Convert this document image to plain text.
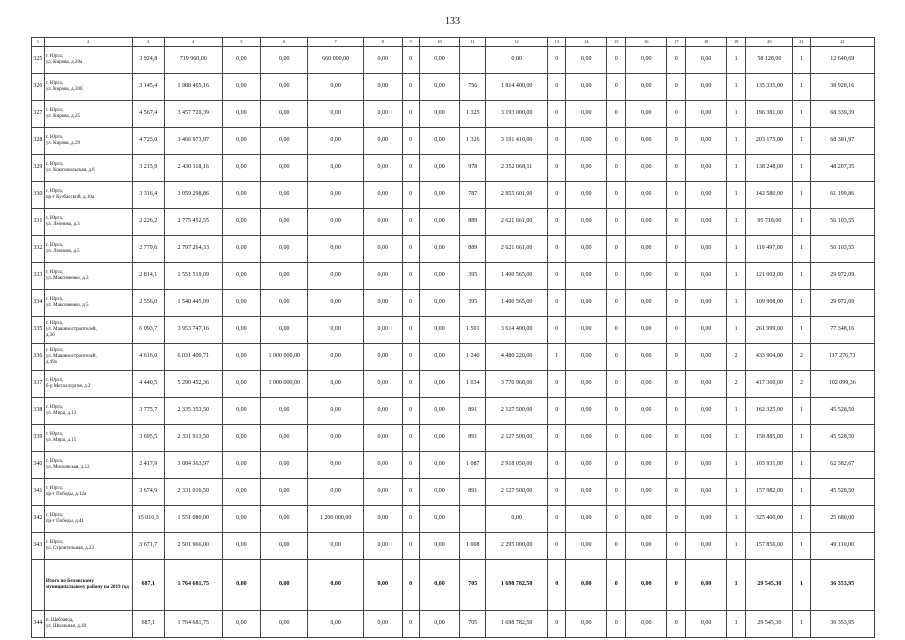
133
1	2	3	4	5	6	7	8	9	10	11	12	13	14	15	16	17	18	19	20	21	22
325	г. Юрга,
ул. Кирова, д.20а	3 924,8	719 960,00	0,00	0,00	660 000,00	0,00	0	0,00		0,00	0	0,00	0	0,00	0	0,00	1	58 128,00	1	12 640,69
326	г. Юрга,
ул. Кирова, д.20б	3 145,4	1 988 465,16	0,00	0,00	0,00	0,00	0	0,00	756	1 814 400,00	0	0,00	0	0,00	0	0,00	1	135 335,00	1	38 928,16
327	г. Юрга,
ул. Кирова, д.25	4 567,4	3 457 720,39	0,00	0,00	0,00	0,00	0	0,00	1 325	3 193 000,00	0	0,00	0	0,00	0	0,00	1	196 381,00	1	68 339,39
328	г. Юрга,
ул. Кирова, д.29	4 725,0	3 466 973,97	0,00	0,00	0,00	0,00	0	0,00	1 326	3 191 410,00	0	0,00	0	0,00	0	0,00	1	203 175,00	1	68 381,97
329	г. Юрга,
ул. Комсомольская, д.6	3 215,9	2 430 118,16	0,00	0,00	0,00	0,00	0	0,00	978	2 352 068,11	0	0,00	0	0,00	0	0,00	1	138 248,00	1	48 207,35
330	г. Юрга,
пр-т Кузбасский, д.10а	3 316,4	3 059 298,86	0,00	0,00	0,00	0,00	0	0,00	787	2 855 601,00	0	0,00	0	0,00	0	0,00	1	142 580,00	1	61 199,86
331	г. Юрга,
ул. Леонова, д.3	2 226,2	2 775 452,55	0,00	0,00	0,00	0,00	0	0,00	889	2 621 661,00	0	0,00	0	0,00	0	0,00	1	95 718,00	1	56 103,55
332	г. Юрга,
ул. Леонова, д.5	2 779,6	2 797 264,33	0,00	0,00	0,00	0,00	0	0,00	889	2 621 661,00	0	0,00	0	0,00	0	0,00	1	119 497,00	1	56 103,55
333	г. Юрга,
ул. Максименко, д.3	2 814,1	1 551 519,09	0,00	0,00	0,00	0,00	0	0,00	395	1 400 565,00	0	0,00	0	0,00	0	0,00	1	121 002,00	1	29 972,09
334	г. Юрга,
ул. Максименко, д.5	2 556,0	1 540 445,09	0,00	0,00	0,00	0,00	0	0,00	395	1 400 565,00	0	0,00	0	0,00	0	0,00	1	109 908,00	1	29 972,09
335	г. Юрга,
ул. Машиностроителей,
д.30	6 093,7	3 953 747,16	0,00	0,00	0,00	0,00	0	0,00	1 501	3 614 400,00	0	0,00	0	0,00	0	0,00	1	261 999,00	1	77 348,16
336	г. Юрга,
ул. Машиностроителей,
д.49а	4 616,0	6 031 400,71	0,00	1 000 000,00	0,00	0,00	0	0,00	1 240	4 480 220,00	1	0,00	0	0,00	0	0,00	2	433 904,00	2	117 276,71
337	г. Юрга,
б-р Металлургов, д.2	4 440,5	5 290 452,36	0,00	1 000 000,00	0,00	0,00	0	0,00	1 034	3 770 968,00	0	0,00	0	0,00	0	0,00	2	417 360,00	2	102 099,36
338	г. Юрга,
ул. Мира, д.13	3 775,7	2 335 353,50	0,00	0,00	0,00	0,00	0	0,00	891	2 127 500,00	0	0,00	0	0,00	0	0,00	1	162 325,00	1	45 528,50
339	г. Юрга,
ул. Мира, д.15	3 695,5	2 331 913,50	0,00	0,00	0,00	0,00	0	0,00	891	2 127 500,00	0	0,00	0	0,00	0	0,00	1	158 885,00	1	45 528,50
340	г. Юрга,
ул. Московская, д.12	2 417,9	3 084 363,97	0,00	0,00	0,00	0,00	0	0,00	1 087	2 918 050,00	0	0,00	0	0,00	0	0,00	1	103 931,00	1	62 382,67
341	г. Юрга,
пр-т Победы, д.12а	3 674,9	2 331 016,50	0,00	0,00	0,00	0,00	0	0,00	891	2 127 500,00	0	0,00	0	0,00	0	0,00	1	157 982,00	1	45 528,50
342	г. Юрга,
пр-т Победы, д.41	15 016,3	1 551 080,00	0,00	0,00	1 200 000,00	0,00	0	0,00		0,00	0	0,00	0	0,00	0	0,00	1	325 400,00	1	25 680,00
343	г. Юрга,
ул. Строительная, д.22	3 671,7	2 501 966,00	0,00	0,00	0,00	0,00	0	0,00	1 008	2 295 000,00	0	0,00	0	0,00	0	0,00	1	157 856,00	1	49 110,00
	Итого по Беловскому муниципальному району на 2019 год	687,1	1 764 681,75	0,00	0,00	0,00	0,00	0	0,00	705	1 698 782,50	0	0,00	0	0,00	0	0,00	1	29 545,30	1	36 353,95
344	п. Щебзавод,
ул. Школьная, д.18	687,1	1 764 681,75	0,00	0,00	0,00	0,00	0	0,00	705	1 698 782,50	0	0,00	0	0,00	0	0,00	1	29 545,30	1	36 353,95
